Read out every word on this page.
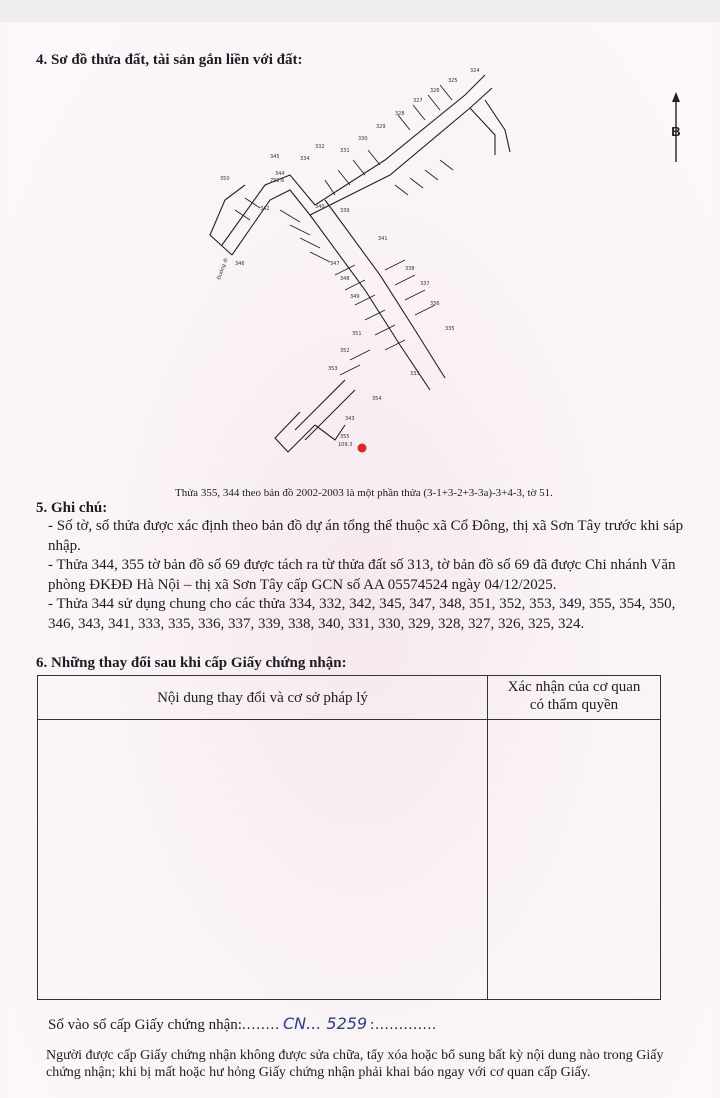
4. Sơ đồ thửa đất, tài sản gắn liền với đất:
324
325
326
327
328
329
330
331
332
334
345
342	340
339
341
338
337
336
335
347
348
349
351
352
353
333
354
343
355
109.3
346
350
344
792.6
Đường đi
B
Thửa 355, 344 theo bản đồ 2002-2003 là một phần thửa (3-1+3-2+3-3a)-3+4-3, tờ 51.
5. Ghi chú:

- Số tờ, số thửa được xác định theo bản đồ dự án tổng thể thuộc xã Cổ Đông, thị xã Sơn Tây trước khi sáp nhập.

- Thửa 344, 355 tờ bản đồ số 69 được tách ra từ thửa đất số 313, tờ bản đồ số 69 đã được Chi nhánh Văn phòng ĐKĐĐ Hà Nội – thị xã Sơn Tây cấp GCN số AA 05574524 ngày 04/12/2025.

- Thửa 344 sử dụng chung cho các thửa 334, 332, 342, 345, 347, 348, 351, 352, 353, 349, 355, 354, 350, 346, 343, 341, 333, 335, 336, 337, 339, 338, 340, 331, 330, 329, 328, 327, 326, 325, 324.

6. Những thay đổi sau khi cấp Giấy chứng nhận:
Nội dung thay đổi và cơ sở pháp lý
Xác nhận của cơ quan
có thẩm quyền
Số vào sổ cấp Giấy chứng nhận:........ CN... 5259 :.............
Người được cấp Giấy chứng nhận không được sửa chữa, tẩy xóa hoặc bổ sung bất kỳ nội dung nào trong Giấy chứng nhận; khi bị mất hoặc hư hỏng Giấy chứng nhận phải khai báo ngay với cơ quan cấp Giấy.
